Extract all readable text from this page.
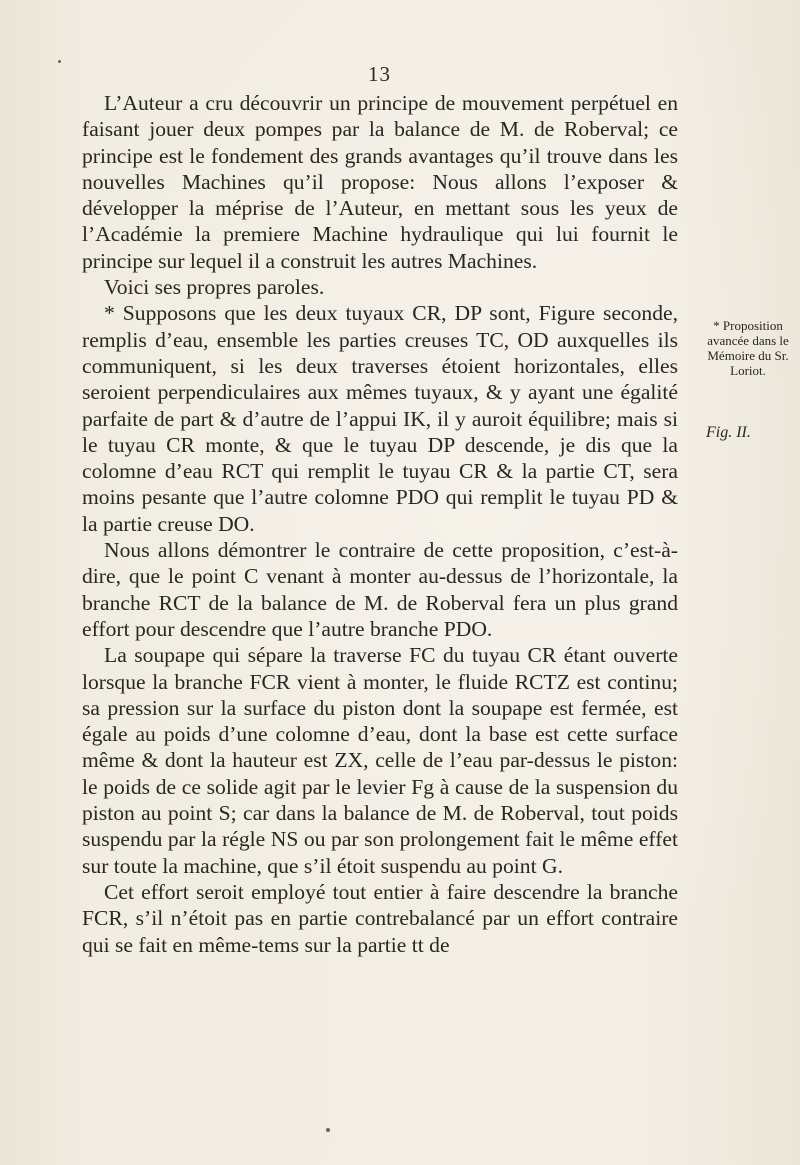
13

L’Auteur a cru découvrir un principe de mouvement perpétuel en faisant jouer deux pompes par la balance de M. de Roberval; ce principe est le fondement des grands avantages qu’il trouve dans les nouvelles Machines qu’il propose: Nous allons l’exposer & développer la méprise de l’Auteur, en mettant sous les yeux de l’Académie la premiere Machine hydraulique qui lui fournit le principe sur lequel il a construit les autres Machines.

Voici ses propres paroles.

* Supposons que les deux tuyaux CR, DP sont, Figure seconde, remplis d’eau, ensemble les parties creuses TC, OD auxquelles ils communiquent, si les deux traverses étoient horizontales, elles seroient perpendiculaires aux mêmes tuyaux, & y ayant une égalité parfaite de part & d’autre de l’appui IK, il y auroit équilibre; mais si le tuyau CR monte, & que le tuyau DP descende, je dis que la colomne d’eau RCT qui remplit le tuyau CR & la partie CT, sera moins pesante que l’autre colomne PDO qui remplit le tuyau PD & la partie creuse DO.

Nous allons démontrer le contraire de cette proposition, c’est-à-dire, que le point C venant à monter au-dessus de l’horizontale, la branche RCT de la balance de M. de Roberval fera un plus grand effort pour descendre que l’autre branche PDO.

La soupape qui sépare la traverse FC du tuyau CR étant ouverte lorsque la branche FCR vient à monter, le fluide RCTZ est continu; sa pression sur la surface du piston dont la soupape est fermée, est égale au poids d’une colomne d’eau, dont la base est cette surface même & dont la hauteur est ZX, celle de l’eau par-dessus le piston: le poids de ce solide agit par le levier Fg à cause de la suspension du piston au point S; car dans la balance de M. de Roberval, tout poids suspendu par la régle NS ou par son prolongement fait le même effet sur toute la machine, que s’il étoit suspendu au point G.

Cet effort seroit employé tout entier à faire descendre la branche FCR, s’il n’étoit pas en partie contrebalancé par un effort contraire qui se fait en même-tems sur la partie tt de

* Proposition avancée dans le Mémoire du Sr. Loriot.
Fig. II.
